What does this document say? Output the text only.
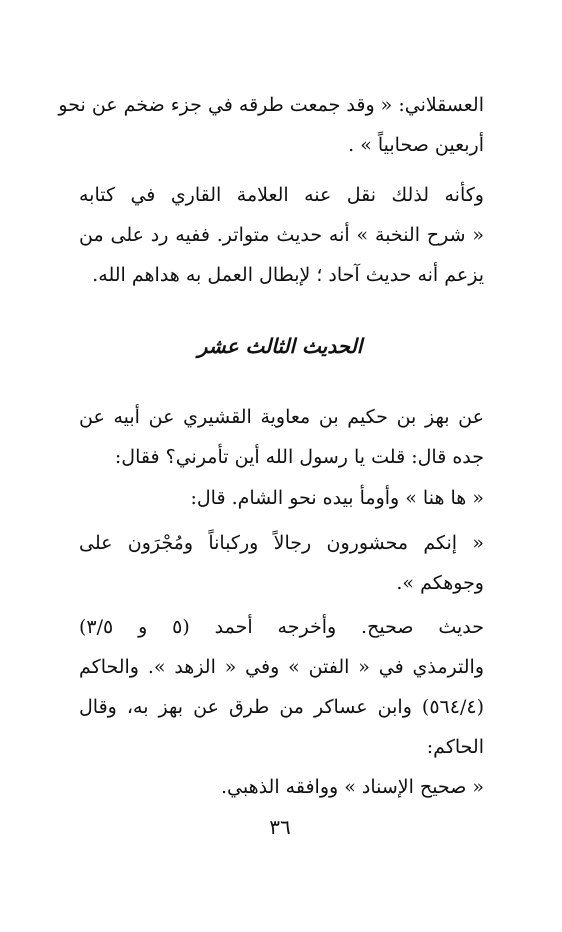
العسقلاني: « وقد جمعت طرقه في جزء ضخم عن نحو
أربعين صحابياً » .

وكأنه لذلك نقل عنه العلامة القاري في كتابه
« شرح النخبة » أنه حديث متواتر. ففيه رد على من
يزعم أنه حديث آحاد ؛ لإبطال العمل به هداهم الله.

الحديث الثالث عشر

عن بهز بن حكيم بن معاوية القشيري عن أبيه عن
جده قال: قلت يا رسول الله أين تأمرني؟ فقال:

« ها هنا » وأومأ بيده نحو الشام. قال:

« إنكم محشورون رجالاً وركباناً ومُجْرَون على
وجوهكم ».

حديث صحيح. وأخرجه أحمد (٥ و ٣/٥)
والترمذي في « الفتن » وفي « الزهد ». والحاكم
(٥٦٤/٤) وابن عساكر من طرق عن بهز به، وقال
الحاكم:

« صحيح الإسناد » ووافقه الذهبي.

٣٦
